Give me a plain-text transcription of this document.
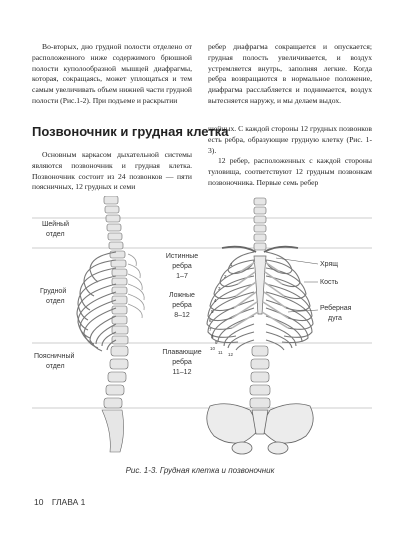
Во-вторых, дно грудной полости отделено от расположенного ниже содержимого брюшной полости куполообразной мышцей диафрагмы, которая, сокращаясь, может уплощаться и тем самым увеличивать объем нижней части грудной полости (Рис.1-2). При подъеме и раскрытии

ребер диафрагма сокращается и опускается; грудная полость увеличивается, и воздух устремляется внутрь, заполняя легкие. Когда ребра возвращаются в нормальное положение, диафрагма расслабляется и поднимается, воздух вытесняется наружу, и мы делаем выдох.

Позвоночник и грудная клетка

Основным каркасом дыхательной системы являются позвоночник и грудная клетка. Позвоночник состоит из 24 позвонков — пяти поясничных, 12 грудных и семи

шейных. С каждой стороны 12 грудных позвонков есть ребра, образующие грудную клетку (Рис. 1-3).

12 ребер, расположенных с каждой стороны туловища, соответствуют 12 грудным позвонкам позвоночника. Первые семь ребер

Шейный
отдел
Грудной
отдел
Поясничный
отдел
Истинные
ребра
1–7
Ложные
ребра
8–12
Плавающие
ребра
11–12
1
2
3
4
5
6
7
8
9
10
11 12
Хрящ
Кость
Реберная
дуга
Рис. 1-3. Грудная клетка и позвоночник
10 ГЛАВА 1
